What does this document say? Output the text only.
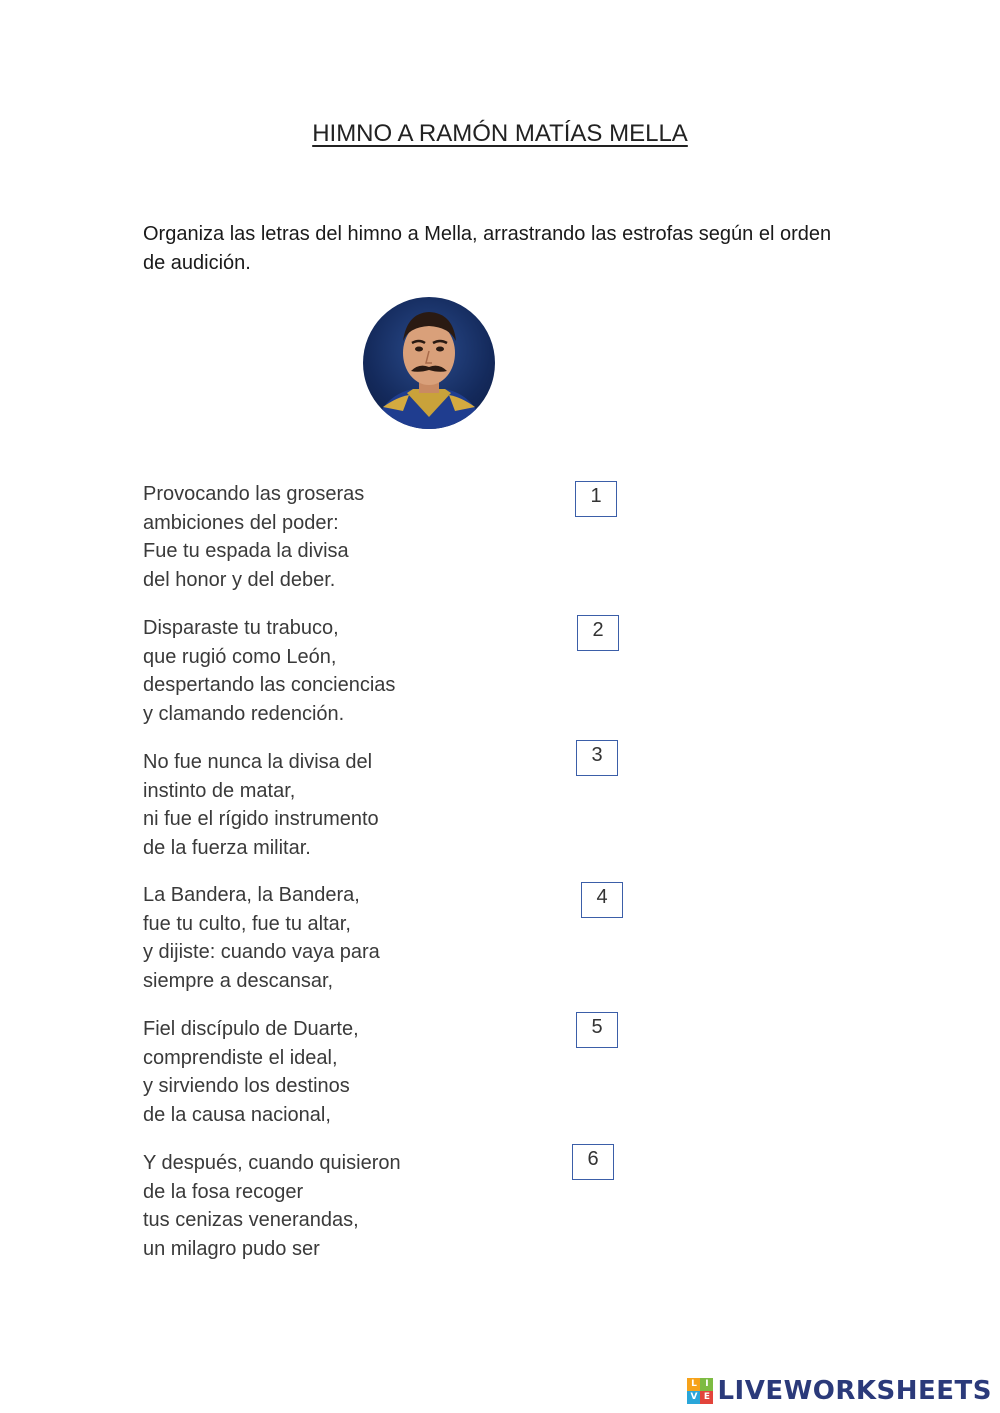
HIMNO A RAMÓN MATÍAS MELLA
Organiza las letras del himno a Mella, arrastrando las estrofas según el orden de audición.
Provocando las groseras
ambiciones del poder:
Fue tu espada la divisa
del honor y del deber.
1
Disparaste tu trabuco,
que rugió como León,
despertando las conciencias
y clamando redención.
2
No fue nunca la divisa del
instinto de matar,
ni fue el rígido instrumento
de la fuerza militar.
3
La Bandera, la Bandera,
fue tu culto, fue tu altar,
y dijiste: cuando vaya para
siempre a descansar,
4
Fiel discípulo de Duarte,
comprendiste el ideal,
y sirviendo los destinos
de la causa nacional,
5
Y después, cuando quisieron
de la fosa recoger
tus cenizas venerandas,
un milagro pudo ser
6
L I
V E LIVEWORKSHEETS
